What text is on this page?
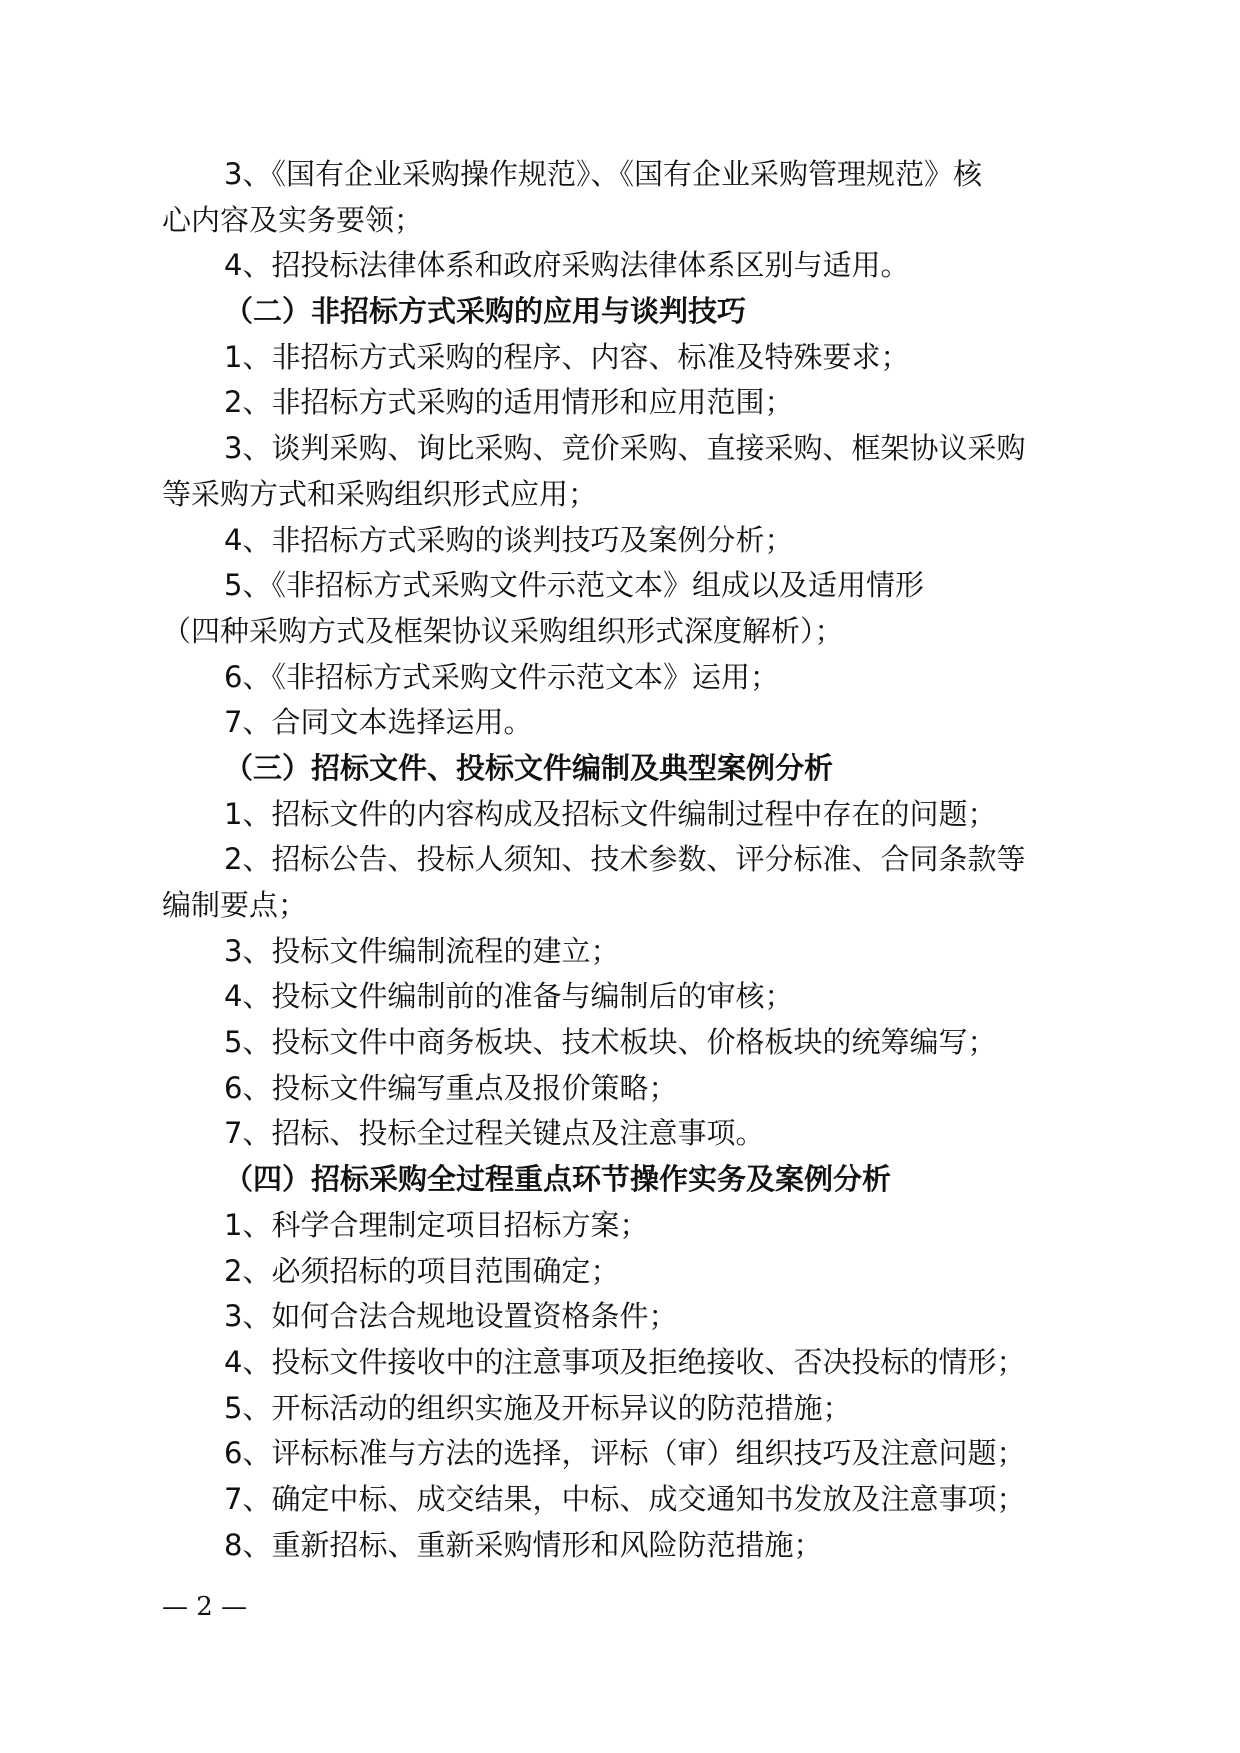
3、《国有企业采购操作规范》、《国有企业采购管理规范》核
心内容及实务要领；
4、招投标法律体系和政府采购法律体系区别与适用。
（二）非招标方式采购的应用与谈判技巧
1、非招标方式采购的程序、内容、标准及特殊要求；
2、非招标方式采购的适用情形和应用范围；
3、谈判采购、询比采购、竞价采购、直接采购、框架协议采购
等采购方式和采购组织形式应用；
4、非招标方式采购的谈判技巧及案例分析；
5、《非招标方式采购文件示范文本》组成以及适用情形
（四种采购方式及框架协议采购组织形式深度解析）；
6、《非招标方式采购文件示范文本》运用；
7、合同文本选择运用。
（三）招标文件、投标文件编制及典型案例分析
1、招标文件的内容构成及招标文件编制过程中存在的问题；
2、招标公告、投标人须知、技术参数、评分标准、合同条款等
编制要点；
3、投标文件编制流程的建立；
4、投标文件编制前的准备与编制后的审核；
5、投标文件中商务板块、技术板块、价格板块的统筹编写；
6、投标文件编写重点及报价策略；
7、招标、投标全过程关键点及注意事项。
（四）招标采购全过程重点环节操作实务及案例分析
1、科学合理制定项目招标方案；
2、必须招标的项目范围确定；
3、如何合法合规地设置资格条件；
4、投标文件接收中的注意事项及拒绝接收、否决投标的情形；
5、开标活动的组织实施及开标异议的防范措施；
6、评标标准与方法的选择，评标（审）组织技巧及注意问题；
7、确定中标、成交结果，中标、成交通知书发放及注意事项；
8、重新招标、重新采购情形和风险防范措施；
— 2 —
